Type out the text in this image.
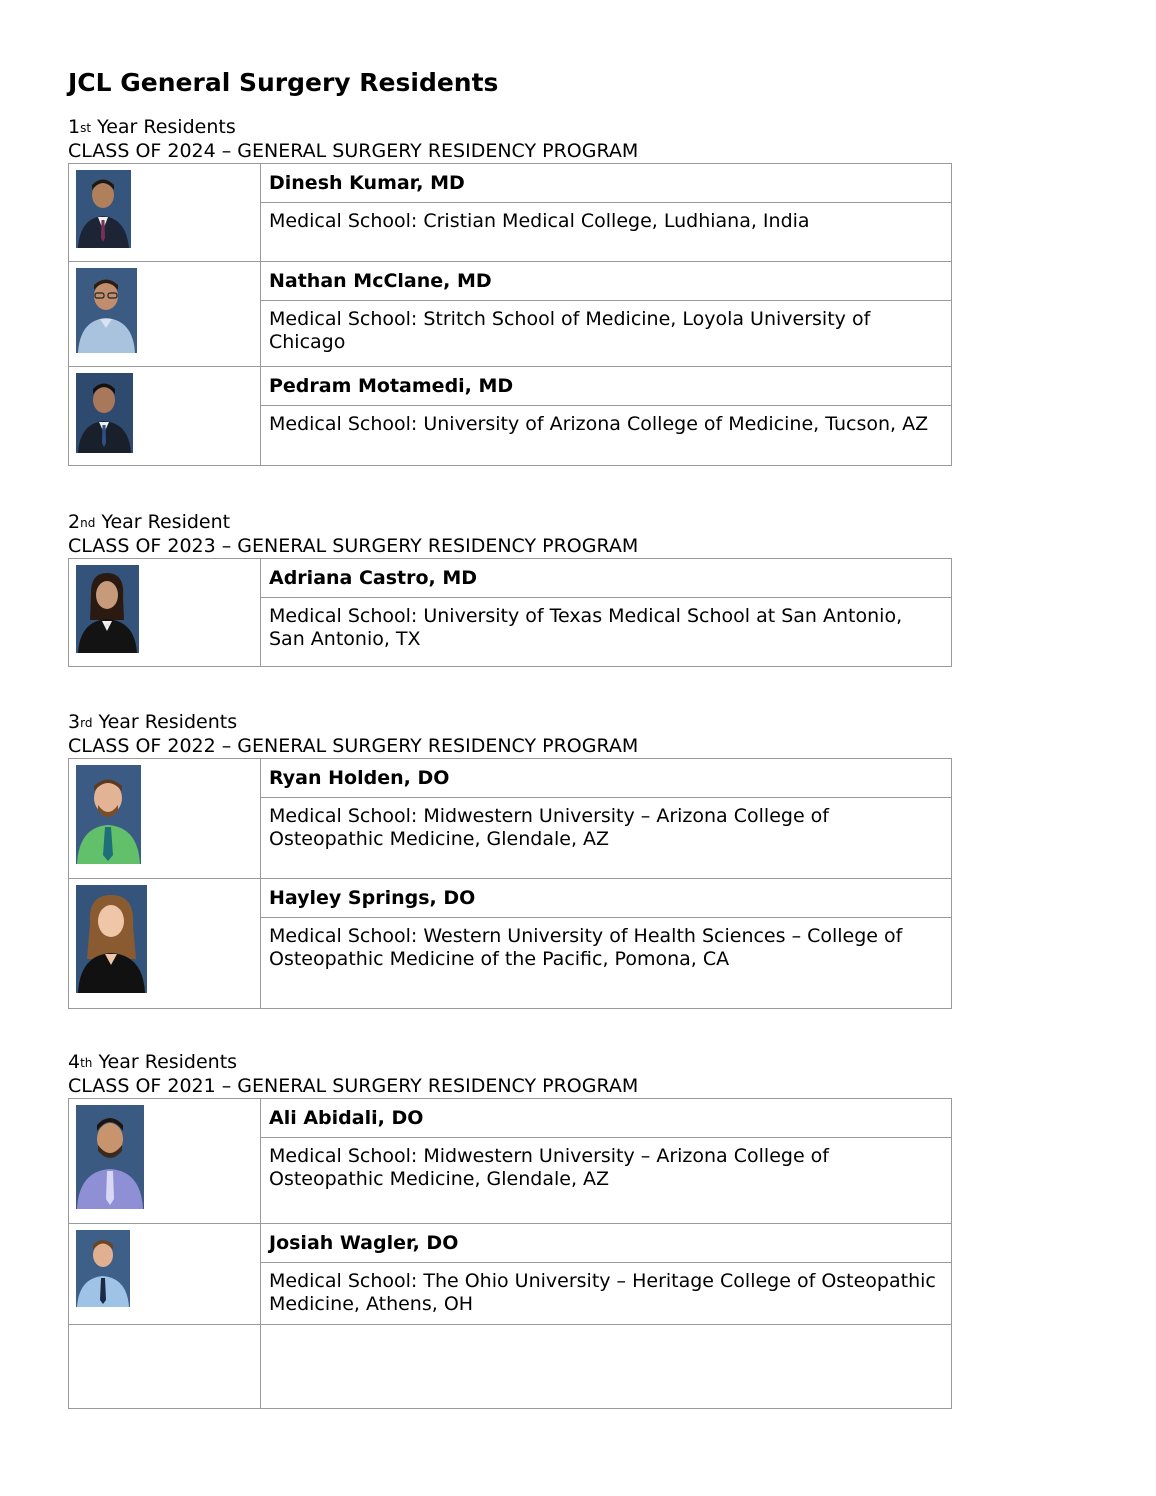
JCL General Surgery Residents
1st Year Residents
CLASS OF 2024 – GENERAL SURGERY RESIDENCY PROGRAM
	Dinesh Kumar, MD
	Medical School: Cristian Medical College, Ludhiana, India

	Nathan McClane, MD
	Medical School: Stritch School of Medicine, Loyola University of Chicago

	Pedram Motamedi, MD
	Medical School: University of Arizona College of Medicine, Tucson, AZ
2nd Year Resident
CLASS OF 2023 – GENERAL SURGERY RESIDENCY PROGRAM
	Adriana Castro, MD
Medical School: University of Texas Medical School at San Antonio, San Antonio, TX
3rd Year Residents
CLASS OF 2022 – GENERAL SURGERY RESIDENCY PROGRAM
	Ryan Holden, DO
	Medical School: Midwestern University – Arizona College of Osteopathic Medicine, Glendale, AZ

	Hayley Springs, DO
	Medical School: Western University of Health Sciences – College of Osteopathic Medicine of the Pacific, Pomona, CA
4th Year Residents
CLASS OF 2021 – GENERAL SURGERY RESIDENCY PROGRAM
	Ali Abidali, DO
	Medical School: Midwestern University – Arizona College of Osteopathic Medicine, Glendale, AZ

	Josiah Wagler, DO
	Medical School: The Ohio University – Heritage College of Osteopathic Medicine, Athens, OH
